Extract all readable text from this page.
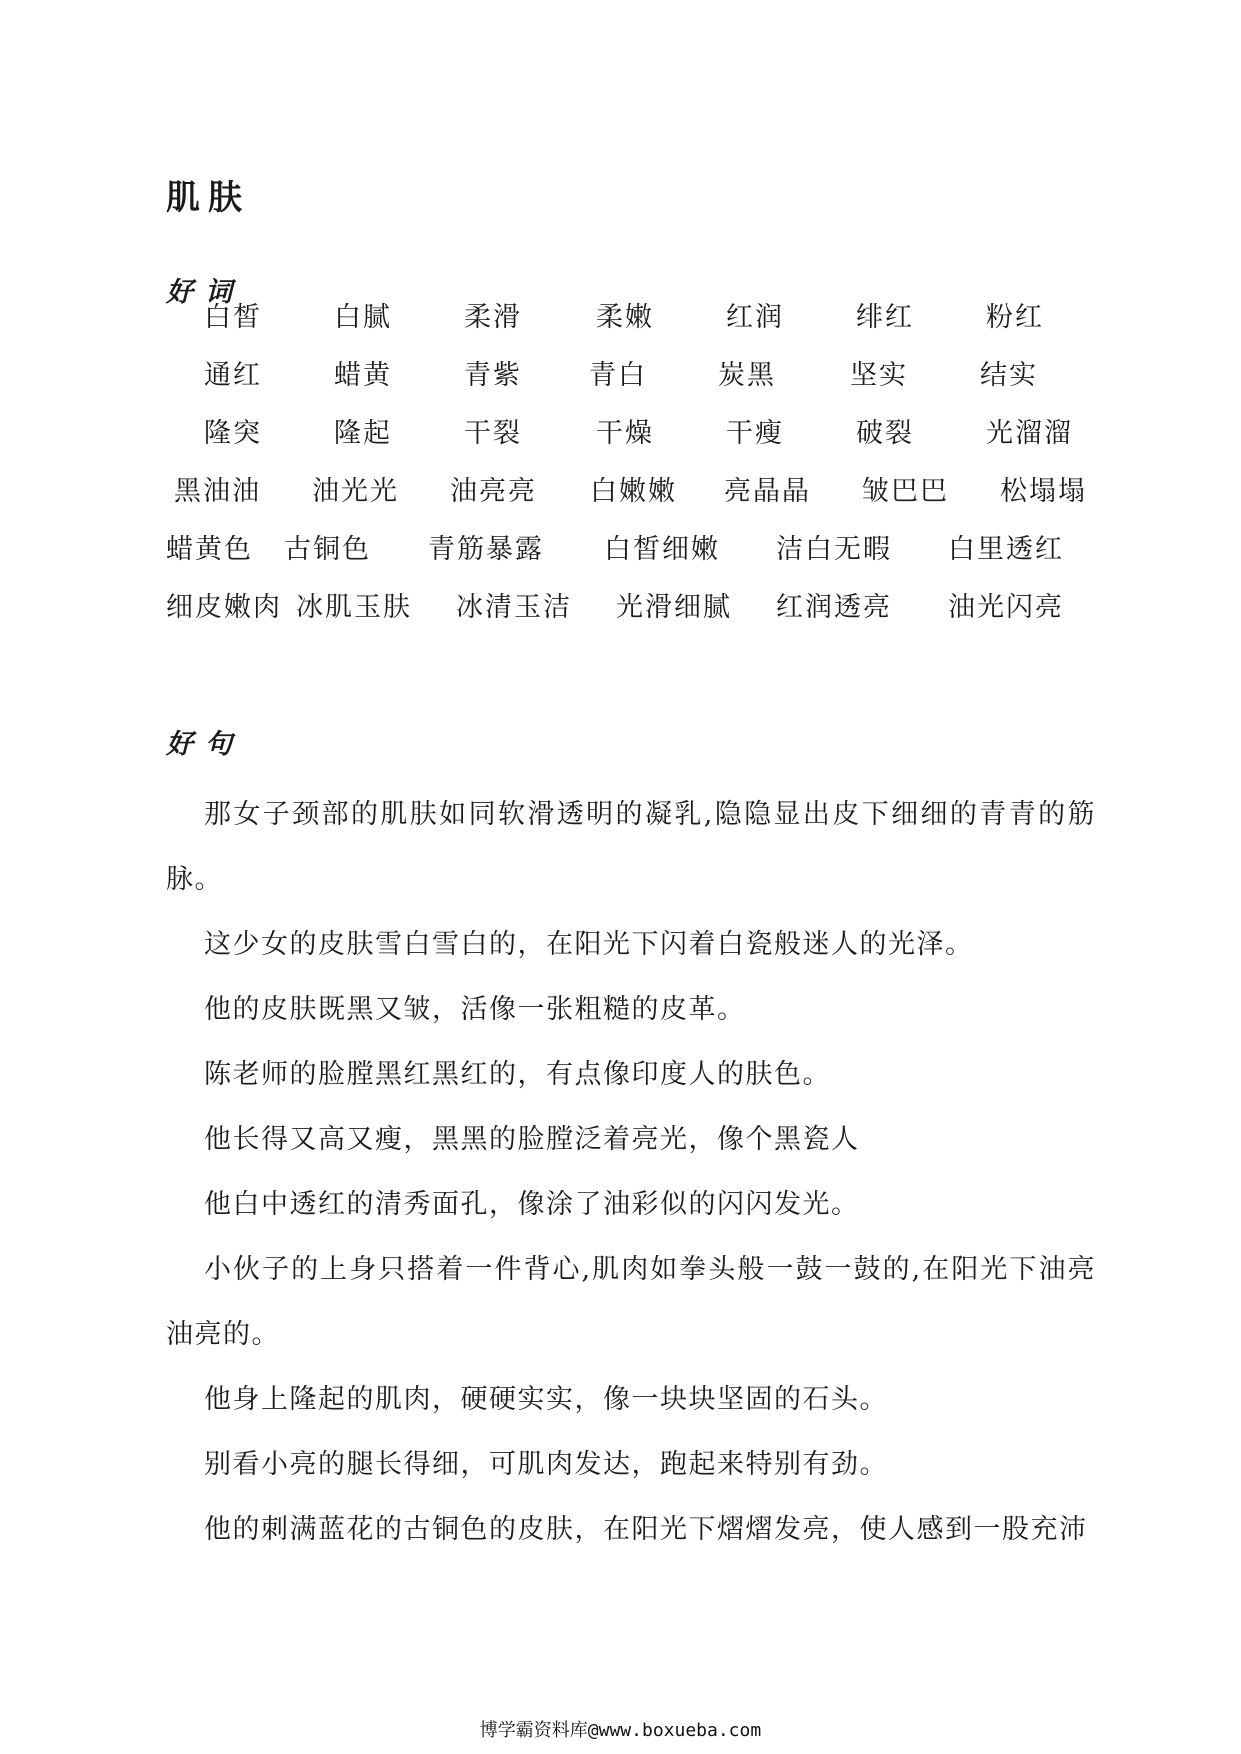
肌肤
好词
白皙	白腻	柔滑	柔嫩	红润	绯红	粉红
通红	蜡黄	青紫 青白	炭黑	坚实	结实
隆突	隆起	干裂	干燥	干瘦	破裂	光溜溜
黑油油 油光光 油亮亮 白嫩嫩 亮晶晶 皱巴巴 松塌塌
蜡黄色 古铜色 青筋暴露 白皙细嫩 洁白无暇 白里透红
细皮嫩肉 冰肌玉肤 冰清玉洁 光滑细腻 红润透亮 油光闪亮
好句

那女子颈部的肌肤如同软滑透明的凝乳,隐隐显出皮下细细的青青的筋脉。

这少女的皮肤雪白雪白的，在阳光下闪着白瓷般迷人的光泽。

他的皮肤既黑又皱，活像一张粗糙的皮革。

陈老师的脸膛黑红黑红的，有点像印度人的肤色。

他长得又高又瘦，黑黑的脸膛泛着亮光，像个黑瓷人

他白中透红的清秀面孔，像涂了油彩似的闪闪发光。

小伙子的上身只搭着一件背心,肌肉如拳头般一鼓一鼓的,在阳光下油亮油亮的。

他身上隆起的肌肉，硬硬实实，像一块块坚固的石头。

别看小亮的腿长得细，可肌肉发达，跑起来特别有劲。

他的刺满蓝花的古铜色的皮肤，在阳光下熠熠发亮，使人感到一股充沛

博学霸资料库@www.boxueba.com
